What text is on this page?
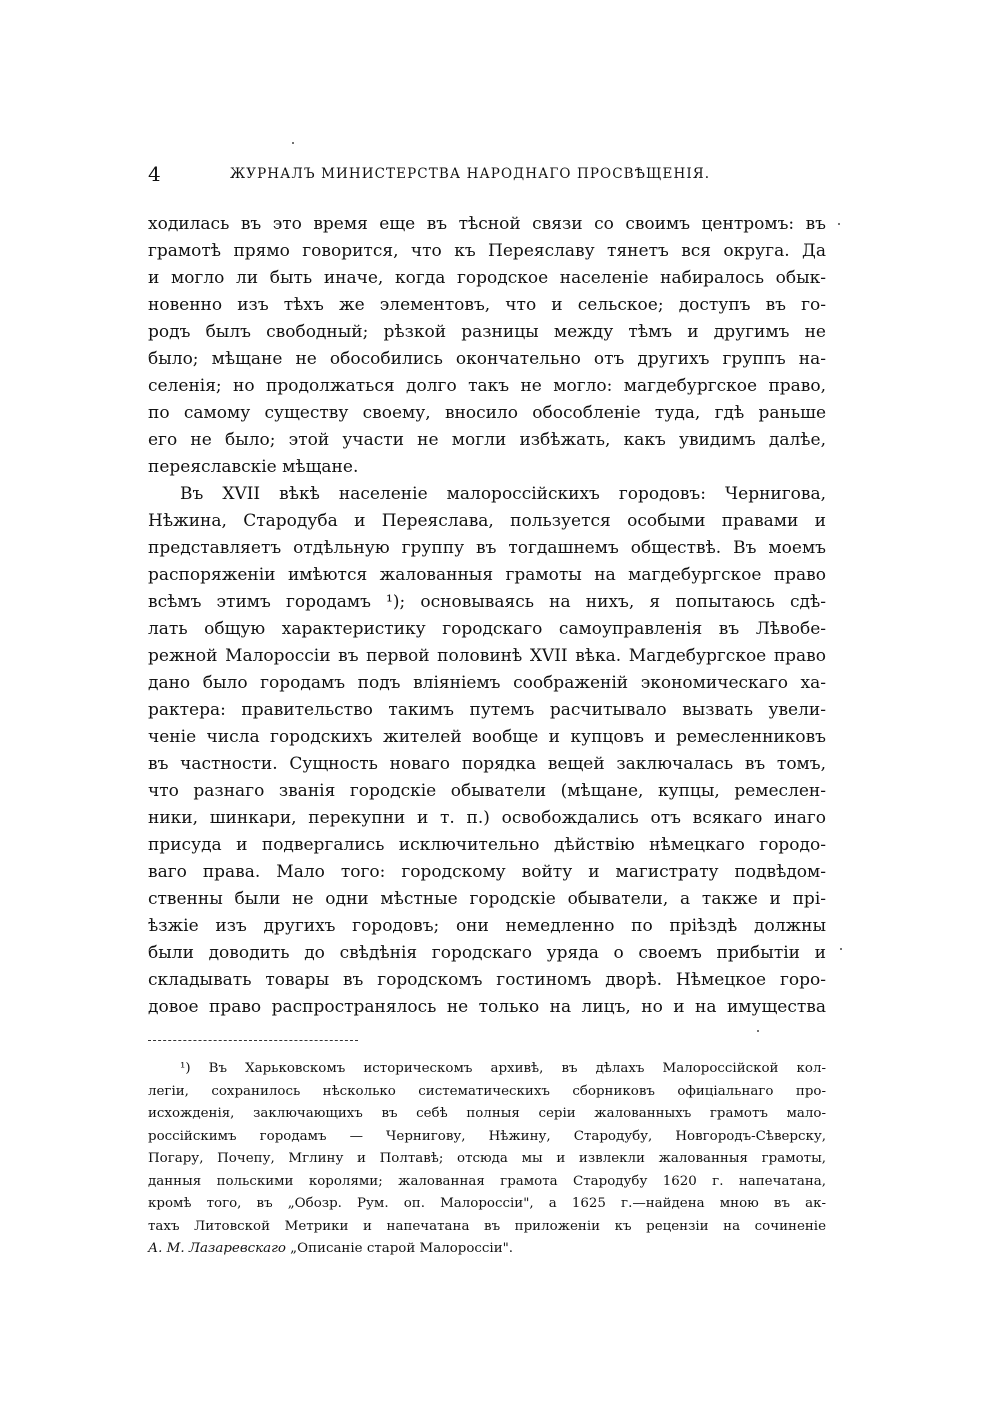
4	ЖУРНАЛЪ МИНИСТЕРСТВА НАРОДНАГО ПРОСВѢЩЕНІЯ.
ходилась въ это время еще въ тѣсной связи со своимъ центромъ: въ
грамотѣ прямо говорится, что къ Переяславу тянетъ вся округа. Да
и могло ли быть иначе, когда городское населеніе набиралось обык-
новенно изъ тѣхъ же элементовъ, что и сельское; доступъ въ го-
родъ былъ свободный; рѣзкой разницы между тѣмъ и другимъ не
было; мѣщане не обособились окончательно отъ другихъ группъ на-
селенія; но продолжаться долго такъ не могло: магдебургское право,
по самому существу своему, вносило обособленіе туда, гдѣ раньше
его не было; этой участи не могли избѣжать, какъ увидимъ далѣе,
переяславскіе мѣщане.
Въ XVII вѣкѣ населеніе малороссійскихъ городовъ: Чернигова,
Нѣжина, Стародуба и Переяслава, пользуется особыми правами и
представляетъ отдѣльную группу въ тогдашнемъ обществѣ. Въ моемъ
распоряженіи имѣются жалованныя грамоты на магдебургское право
всѣмъ этимъ городамъ ¹); основываясь на нихъ, я попытаюсь сдѣ-
лать общую характеристику городскаго самоуправленія въ Лѣвобе-
режной Малороссіи въ первой половинѣ XVII вѣка. Магдебургское право
дано было городамъ подъ вліяніемъ соображеній экономическаго ха-
рактера: правительство такимъ путемъ расчитывало вызвать увели-
ченіе числа городскихъ жителей вообще и купцовъ и ремесленниковъ
въ частности. Сущность новаго порядка вещей заключалась въ томъ,
что разнаго званія городскіе обыватели (мѣщане, купцы, ремеслен-
ники, шинкари, перекупни и т. п.) освобождались отъ всякаго инаго
присуда и подвергались исключительно дѣйствію нѣмецкаго городо-
ваго права. Мало того: городскому войту и магистрату подвѣдом-
ственны были не одни мѣстные городскіе обыватели, а также и прі-
ѣзжіе изъ другихъ городовъ; они немедленно по пріѣздѣ должны
были доводить до свѣдѣнія городскаго уряда о своемъ прибытіи и
складывать товары въ городскомъ гостиномъ дворѣ. Нѣмецкое горо-
довое право распространялось не только на лицъ, но и на имущества
¹) Въ Харьковскомъ историческомъ архивѣ, въ дѣлахъ Малороссійской кол-
легіи, сохранилось нѣсколько систематическихъ сборниковъ офиціальнаго про-
исхожденія, заключающихъ въ себѣ полныя серіи жалованныхъ грамотъ мало-
россійскимъ городамъ — Чернигову, Нѣжину, Стародубу, Новгородъ-Сѣверску,
Погару, Почепу, Мглину и Полтавѣ; отсюда мы и извлекли жалованныя грамоты,
данныя польскими королями; жалованная грамота Стародубу 1620 г. напечатана,
кромѣ того, въ „Обозр. Рум. оп. Малороссіи", а 1625 г.—найдена мною въ ак-
тахъ Литовской Метрики и напечатана въ приложеніи къ рецензіи на сочиненіе
А. М. Лазаревскаго „Описаніе старой Малороссіи".
